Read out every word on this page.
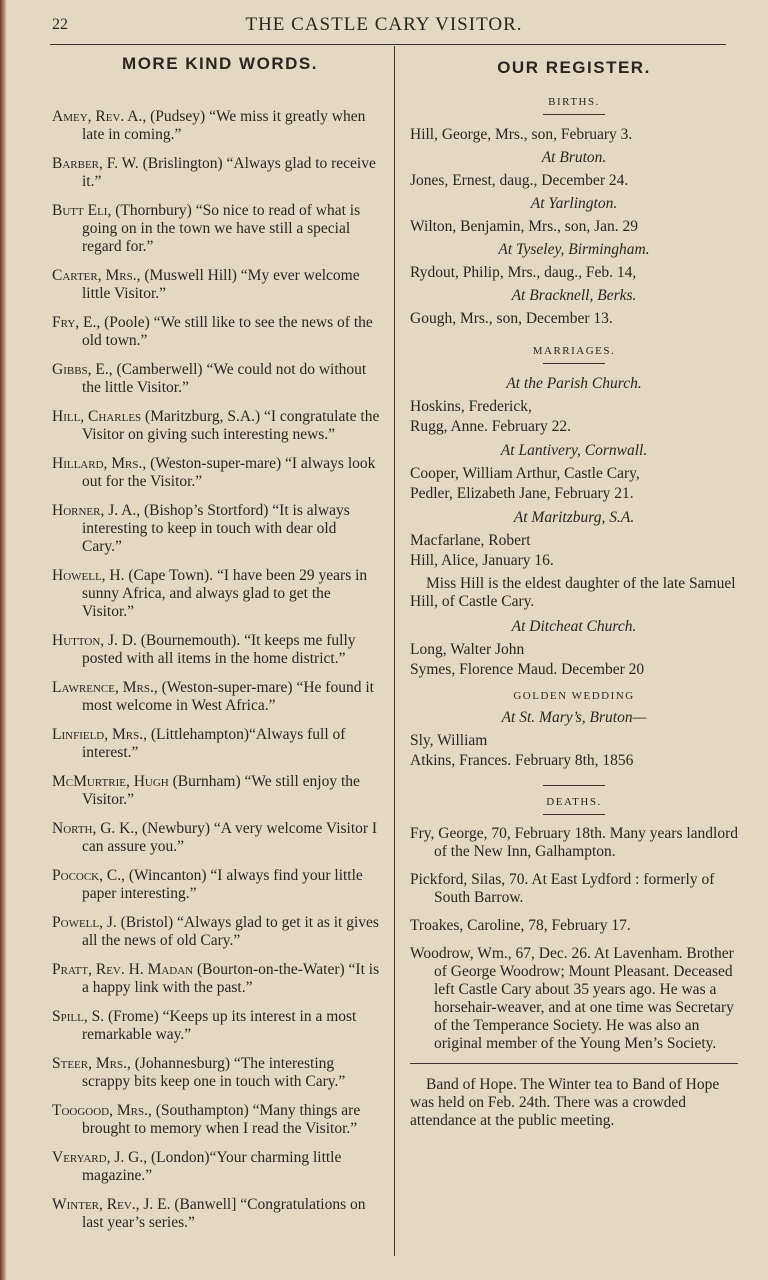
22	THE CASTLE CARY VISITOR.
MORE KIND WORDS.

Amey, Rev. A., (Pudsey) “We miss it greatly when late in coming.”

Barber, F. W. (Brislington) “Always glad to receive it.”

Butt Eli, (Thornbury) “So nice to read of what is going on in the town we have still a special regard for.”

Carter, Mrs., (Muswell Hill) “My ever welcome little Visitor.”

Fry, E., (Poole) “We still like to see the news of the old town.”

Gibbs, E., (Camberwell) “We could not do without the little Visitor.”

Hill, Charles (Maritzburg, S.A.) “I congratulate the Visitor on giving such interesting news.”

Hillard, Mrs., (Weston-super-mare) “I always look out for the Visitor.”

Horner, J. A., (Bishop’s Stortford) “It is always interesting to keep in touch with dear old Cary.”

Howell, H. (Cape Town). “I have been 29 years in sunny Africa, and always glad to get the Visitor.”

Hutton, J. D. (Bournemouth). “It keeps me fully posted with all items in the home district.”

Lawrence, Mrs., (Weston-super-mare) “He found it most welcome in West Africa.”

Linfield, Mrs., (Littlehampton)“Always full of interest.”

McMurtrie, Hugh (Burnham) “We still enjoy the Visitor.”

North, G. K., (Newbury) “A very welcome Visitor I can assure you.”

Pocock, C., (Wincanton) “I always find your little paper interesting.”

Powell, J. (Bristol) “Always glad to get it as it gives all the news of old Cary.”

Pratt, Rev. H. Madan (Bourton-on-the-Water) “It is a happy link with the past.”

Spill, S. (Frome) “Keeps up its interest in a most remarkable way.”

Steer, Mrs., (Johannesburg) “The interesting scrappy bits keep one in touch with Cary.”

Toogood, Mrs., (Southampton) “Many things are brought to memory when I read the Visitor.”

Veryard, J. G., (London)“Your charming little magazine.”

Winter, Rev., J. E. (Banwell] “Congratulations on last year’s series.”

OUR REGISTER.
BIRTHS.

Hill, George, Mrs., son, February 3.

At Bruton.

Jones, Ernest, daug., December 24.

At Yarlington.

Wilton, Benjamin, Mrs., son, Jan. 29

At Tyseley, Birmingham.

Rydout, Philip, Mrs., daug., Feb. 14,

At Bracknell, Berks.

Gough, Mrs., son, December 13.

MARRIAGES.

At the Parish Church.

Hoskins, Frederick,

Rugg, Anne. February 22.

At Lantivery, Cornwall.

Cooper, William Arthur, Castle Cary,

Pedler, Elizabeth Jane, February 21.

At Maritzburg, S.A.

Macfarlane, Robert

Hill, Alice, January 16.

Miss Hill is the eldest daughter of the late Samuel Hill, of Castle Cary.

At Ditcheat Church.

Long, Walter John

Symes, Florence Maud. December 20

GOLDEN WEDDING

At St. Mary’s, Bruton—

Sly, William

Atkins, Frances. February 8th, 1856

DEATHS.

Fry, George, 70, February 18th. Many years landlord of the New Inn, Galhampton.

Pickford, Silas, 70. At East Lydford : formerly of South Barrow.

Troakes, Caroline, 78, February 17.

Woodrow, Wm., 67, Dec. 26. At Lavenham. Brother of George Woodrow; Mount Pleasant. Deceased left Castle Cary about 35 years ago. He was a horsehair-weaver, and at one time was Secretary of the Temperance Society. He was also an original member of the Young Men’s Society.

Band of Hope. The Winter tea to Band of Hope was held on Feb. 24th. There was a crowded attendance at the public meeting.
